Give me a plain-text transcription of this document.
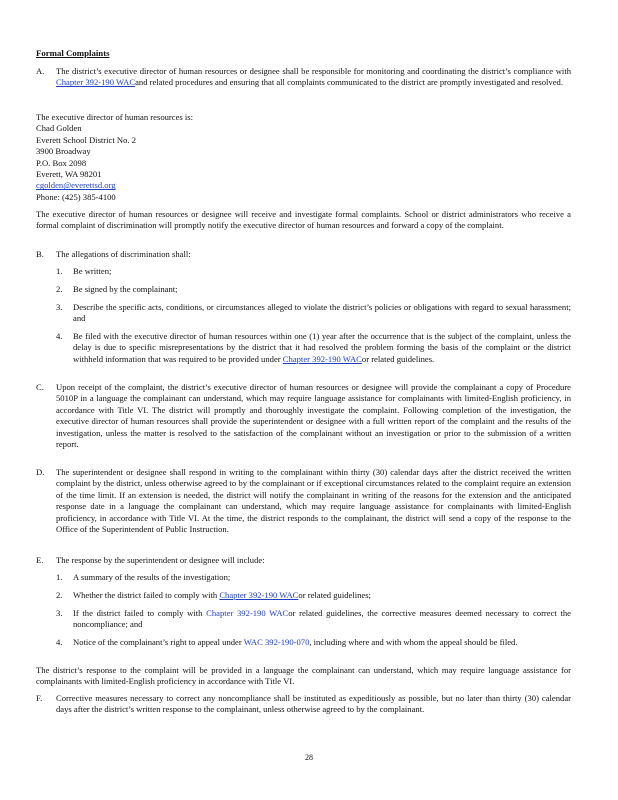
Formal Complaints
A. The district’s executive director of human resources or designee shall be responsible for monitoring and coordinating the district’s compliance with Chapter 392-190 WACand related procedures and ensuring that all complaints communicated to the district are promptly investigated and resolved.
The executive director of human resources is:
Chad Golden
Everett School District No. 2
3900 Broadway
P.O. Box 2098
Everett, WA 98201
cgolden@everettsd.org
Phone: (425) 385-4100
The executive director of human resources or designee will receive and investigate formal complaints. School or district administrators who receive a formal complaint of discrimination will promptly notify the executive director of human resources and forward a copy of the complaint.
B. The allegations of discrimination shall:
1. Be written;
2. Be signed by the complainant;
3. Describe the specific acts, conditions, or circumstances alleged to violate the district’s policies or obligations with regard to sexual harassment; and
4. Be filed with the executive director of human resources within one (1) year after the occurrence that is the subject of the complaint, unless the delay is due to specific misrepresentations by the district that it had resolved the problem forming the basis of the complaint or the district withheld information that was required to be provided under Chapter 392-190 WACor related guidelines.
C. Upon receipt of the complaint, the district’s executive director of human resources or designee will provide the complainant a copy of Procedure 5010P in a language the complainant can understand, which may require language assistance for complainants with limited-English proficiency, in accordance with Title VI. The district will promptly and thoroughly investigate the complaint. Following completion of the investigation, the executive director of human resources shall provide the superintendent or designee with a full written report of the complaint and the results of the investigation, unless the matter is resolved to the satisfaction of the complainant without an investigation or prior to the submission of a written report.
D. The superintendent or designee shall respond in writing to the complainant within thirty (30) calendar days after the district received the written complaint by the district, unless otherwise agreed to by the complainant or if exceptional circumstances related to the complaint require an extension of the time limit. If an extension is needed, the district will notify the complainant in writing of the reasons for the extension and the anticipated response date in a language the complainant can understand, which may require language assistance for complainants with limited-English proficiency, in accordance with Title VI. At the time, the district responds to the complainant, the district will send a copy of the response to the Office of the Superintendent of Public Instruction.
E. The response by the superintendent or designee will include:
1. A summary of the results of the investigation;
2. Whether the district failed to comply with Chapter 392-190 WACor related guidelines;
3. If the district failed to comply with Chapter 392-190 WACor related guidelines, the corrective measures deemed necessary to correct the noncompliance; and
4. Notice of the complainant’s right to appeal under WAC 392-190-070, including where and with whom the appeal should be filed.
The district’s response to the complaint will be provided in a language the complainant can understand, which may require language assistance for complainants with limited-English proficiency in accordance with Title VI.
F. Corrective measures necessary to correct any noncompliance shall be instituted as expeditiously as possible, but no later than thirty (30) calendar days after the district’s written response to the complainant, unless otherwise agreed to by the complainant.
28
